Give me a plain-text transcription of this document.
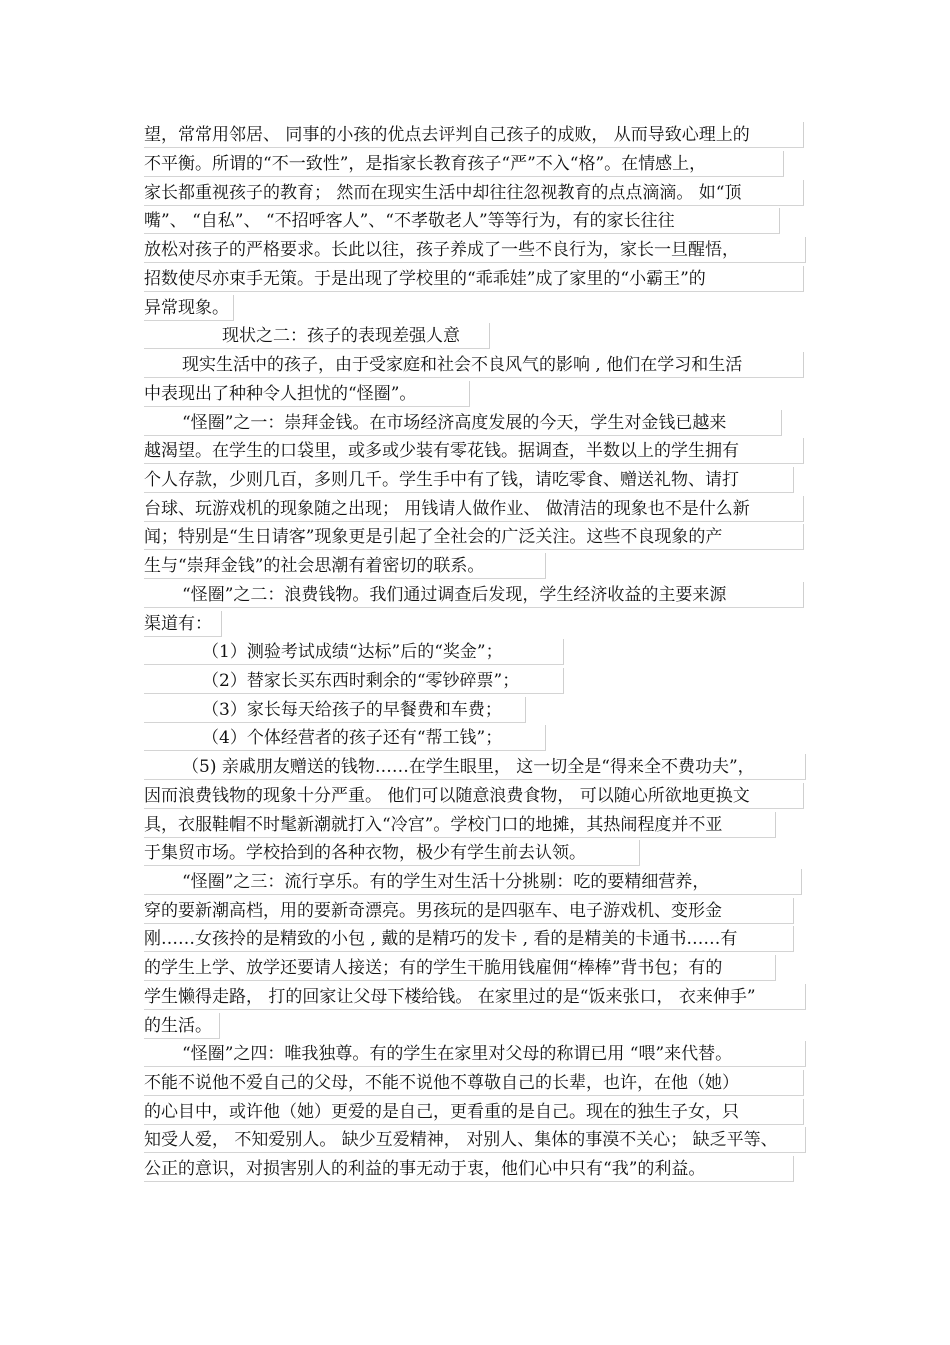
望，常常用邻居、 同事的小孩的优点去评判自己孩子的成败， 从而导致心理上的
不平衡。所谓的“不一致性”，是指家长教育孩子“严”不入“格”。在情感上，
家长都重视孩子的教育； 然而在现实生活中却往往忽视教育的点点滴滴。 如“顶
嘴”、 “自私”、 “不招呼客人”、“不孝敬老人”等等行为，有的家长往往
放松对孩子的严格要求。长此以往，孩子养成了一些不良行为，家长一旦醒悟，
招数使尽亦束手无策。于是出现了学校里的“乖乖娃”成了家里的“小霸王”的
异常现象。
现状之二：孩子的表现差强人意
现实生活中的孩子，由于受家庭和社会不良风气的影响 , 他们在学习和生活
中表现出了种种令人担忧的“怪圈”。
“怪圈”之一：崇拜金钱。在市场经济高度发展的今天，学生对金钱已越来
越渴望。在学生的口袋里，或多或少装有零花钱。据调查，半数以上的学生拥有
个人存款，少则几百，多则几千。学生手中有了钱，请吃零食、赠送礼物、请打
台球、玩游戏机的现象随之出现； 用钱请人做作业、 做清洁的现象也不是什么新
闻；特别是“生日请客”现象更是引起了全社会的广泛关注。这些不良现象的产
生与“崇拜金钱”的社会思潮有着密切的联系。
“怪圈”之二：浪费钱物。我们通过调查后发现，学生经济收益的主要来源
渠道有：
（1）测验考试成绩“达标”后的“奖金”；
（2）替家长买东西时剩余的“零钞碎票”；
（3）家长每天给孩子的早餐费和车费；
（4）个体经营者的孩子还有“帮工钱”；
（5) 亲戚朋友赠送的钱物……在学生眼里， 这一切全是“得来全不费功夫”，
因而浪费钱物的现象十分严重。 他们可以随意浪费食物， 可以随心所欲地更换文
具，衣服鞋帽不时髦新潮就打入“冷宫”。学校门口的地摊，其热闹程度并不亚
于集贸市场。学校拾到的各种衣物，极少有学生前去认领。
“怪圈”之三：流行享乐。有的学生对生活十分挑剔：吃的要精细营养，
穿的要新潮高档，用的要新奇漂亮。男孩玩的是四驱车、电子游戏机、变形金
刚……女孩拎的是精致的小包 , 戴的是精巧的发卡 , 看的是精美的卡通书……有
的学生上学、放学还要请人接送；有的学生干脆用钱雇佣“棒棒”背书包；有的
学生懒得走路， 打的回家让父母下楼给钱。 在家里过的是“饭来张口， 衣来伸手”
的生活。
“怪圈”之四：唯我独尊。有的学生在家里对父母的称谓已用 “喂”来代替。
不能不说他不爱自己的父母，不能不说他不尊敬自己的长辈，也许，在他（她）
的心目中，或许他（她）更爱的是自己，更看重的是自己。现在的独生子女，只
知受人爱， 不知爱别人。 缺少互爱精神， 对别人、集体的事漠不关心； 缺乏平等、
公正的意识，对损害别人的利益的事无动于衷，他们心中只有“我”的利益。
